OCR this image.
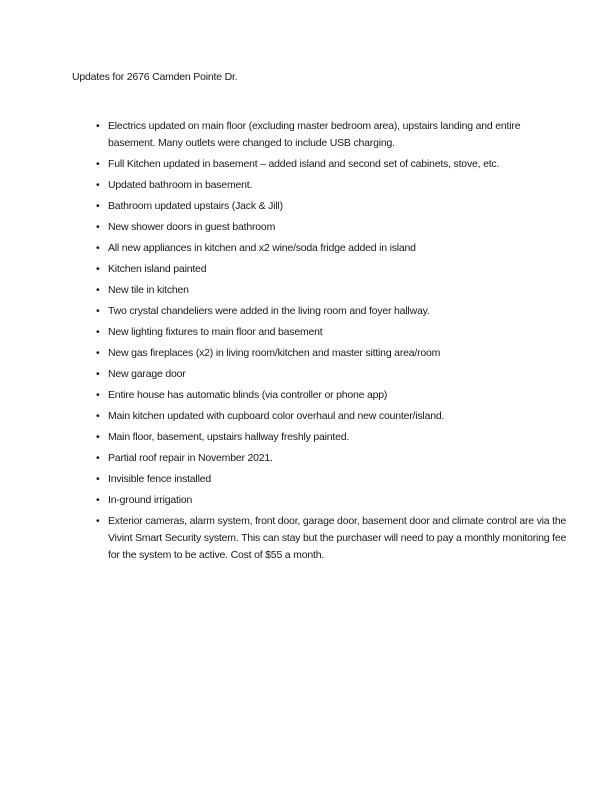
Updates for 2676 Camden Pointe Dr.

• Electrics updated on main floor (excluding master bedroom area), upstairs landing and entire basement. Many outlets were changed to include USB charging.
• Full Kitchen updated in basement – added island and second set of cabinets, stove, etc.
• Updated bathroom in basement.
• Bathroom updated upstairs (Jack & Jill)
• New shower doors in guest bathroom
• All new appliances in kitchen and x2 wine/soda fridge added in island
• Kitchen island painted
• New tile in kitchen
• Two crystal chandeliers were added in the living room and foyer hallway.
• New lighting fixtures to main floor and basement
• New gas fireplaces (x2) in living room/kitchen and master sitting area/room
• New garage door
• Entire house has automatic blinds (via controller or phone app)
• Main kitchen updated with cupboard color overhaul and new counter/island.
• Main floor, basement, upstairs hallway freshly painted.
• Partial roof repair in November 2021.
• Invisible fence installed
• In-ground irrigation
• Exterior cameras, alarm system, front door, garage door, basement door and climate control are via the Vivint Smart Security system. This can stay but the purchaser will need to pay a monthly monitoring fee for the system to be active. Cost of $55 a month.
